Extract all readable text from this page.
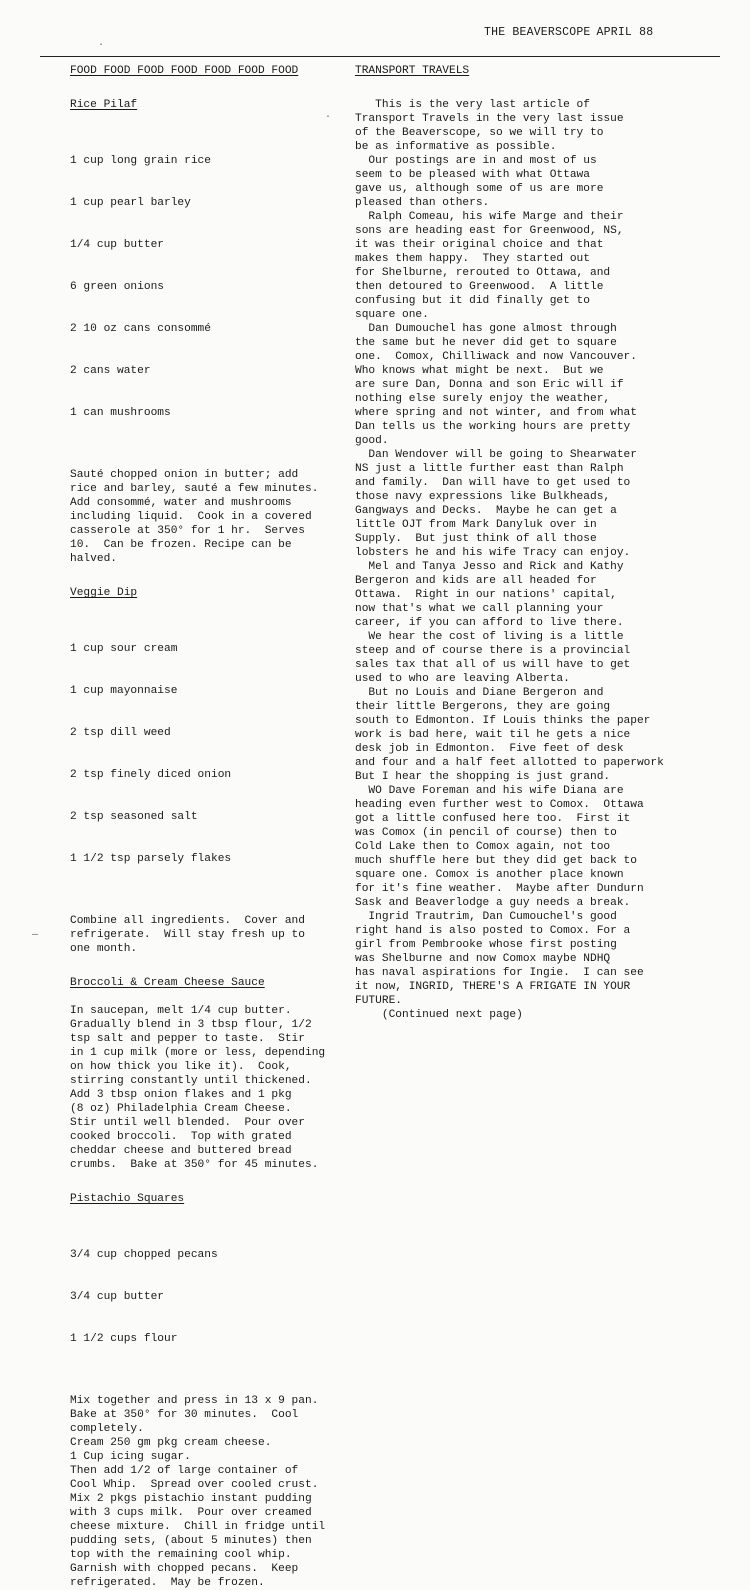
THE BEAVERSCOPE APRIL 88
FOOD FOOD FOOD FOOD FOOD FOOD FOOD
Rice Pilaf

1 cup long grain rice

1 cup pearl barley

1/4 cup butter

6 green onions

2 10 oz cans consommé

2 cans water

1 can mushrooms

Sauté chopped onion in butter; add
rice and barley, sauté a few minutes.
Add consommé, water and mushrooms
including liquid.  Cook in a covered
casserole at 350° for 1 hr.  Serves
10.  Can be frozen. Recipe can be
halved.
Veggie Dip

1 cup sour cream

1 cup mayonnaise

2 tsp dill weed

2 tsp finely diced onion

2 tsp seasoned salt

1 1/2 tsp parsely flakes

Combine all ingredients.  Cover and
refrigerate.  Will stay fresh up to
one month.
Broccoli & Cream Cheese Sauce
In saucepan, melt 1/4 cup butter.
Gradually blend in 3 tbsp flour, 1/2
tsp salt and pepper to taste.  Stir
in 1 cup milk (more or less, depending
on how thick you like it).  Cook,
stirring constantly until thickened.
Add 3 tbsp onion flakes and 1 pkg
(8 oz) Philadelphia Cream Cheese.
Stir until well blended.  Pour over
cooked broccoli.  Top with grated
cheddar cheese and buttered bread
crumbs.  Bake at 350° for 45 minutes.
Pistachio Squares

3/4 cup chopped pecans

3/4 cup butter

1 1/2 cups flour

Mix together and press in 13 x 9 pan.
Bake at 350° for 30 minutes.  Cool
completely.
Cream 250 gm pkg cream cheese.
1 Cup icing sugar.
Then add 1/2 of large container of
Cool Whip.  Spread over cooled crust.
Mix 2 pkgs pistachio instant pudding
with 3 cups milk.  Pour over creamed
cheese mixture.  Chill in fridge until
pudding sets, (about 5 minutes) then
top with the remaining cool whip.
Garnish with chopped pecans.  Keep
refrigerated.  May be frozen.
TRANSPORT TRAVELS
This is the very last article of
Transport Travels in the very last issue
of the Beaverscope, so we will try to
be as informative as possible.
Our postings are in and most of us
seem to be pleased with what Ottawa
gave us, although some of us are more
pleased than others.
Ralph Comeau, his wife Marge and their
sons are heading east for Greenwood, NS,
it was their original choice and that
makes them happy.  They started out
for Shelburne, rerouted to Ottawa, and
then detoured to Greenwood.  A little
confusing but it did finally get to
square one.
Dan Dumouchel has gone almost through
the same but he never did get to square
one.  Comox, Chilliwack and now Vancouver.
Who knows what might be next.  But we
are sure Dan, Donna and son Eric will if
nothing else surely enjoy the weather,
where spring and not winter, and from what
Dan tells us the working hours are pretty
good.
Dan Wendover will be going to Shearwater
NS just a little further east than Ralph
and family.  Dan will have to get used to
those navy expressions like Bulkheads,
Gangways and Decks.  Maybe he can get a
little OJT from Mark Danyluk over in
Supply.  But just think of all those
lobsters he and his wife Tracy can enjoy.
Mel and Tanya Jesso and Rick and Kathy
Bergeron and kids are all headed for
Ottawa.  Right in our nations' capital,
now that's what we call planning your
career, if you can afford to live there.
We hear the cost of living is a little
steep and of course there is a provincial
sales tax that all of us will have to get
used to who are leaving Alberta.
But no Louis and Diane Bergeron and
their little Bergerons, they are going
south to Edmonton. If Louis thinks the paper
work is bad here, wait til he gets a nice
desk job in Edmonton.  Five feet of desk
and four and a half feet allotted to paperwork
But I hear the shopping is just grand.
WO Dave Foreman and his wife Diana are
heading even further west to Comox.  Ottawa
got a little confused here too.  First it
was Comox (in pencil of course) then to
Cold Lake then to Comox again, not too
much shuffle here but they did get back to
square one. Comox is another place known
for it's fine weather.  Maybe after Dundurn
Sask and Beaverlodge a guy needs a break.
Ingrid Trautrim, Dan Cumouchel's good
right hand is also posted to Comox. For a
girl from Pembrooke whose first posting
was Shelburne and now Comox maybe NDHQ
has naval aspirations for Ingie.  I can see
it now, INGRID, THERE'S A FRIGATE IN YOUR
FUTURE.
(Continued next page)
·
·
—
